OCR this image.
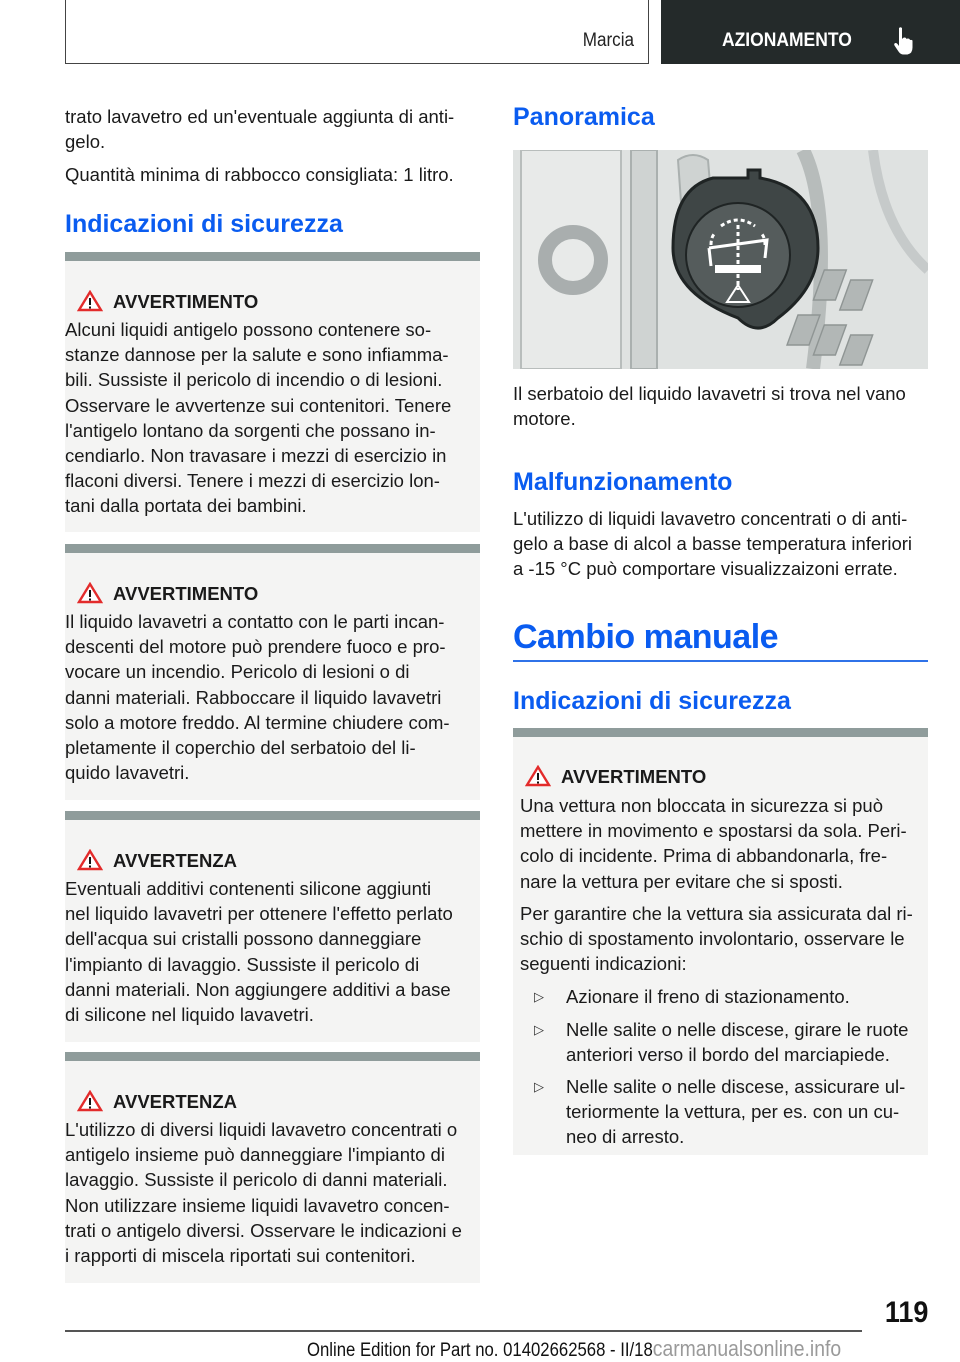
Marcia	AZIONAMENTO
trato lavavetro ed un'eventuale aggiunta di anti-
gelo.
Quantità minima di rabbocco consigliata: 1 litro.
Indicazioni di sicurezza
AVVERTIMENTO
Alcuni liquidi antigelo possono contenere so-
stanze dannose per la salute e sono infiamma-
bili. Sussiste il pericolo di incendio o di lesioni.
Osservare le avvertenze sui contenitori. Tenere
l'antigelo lontano da sorgenti che possano in-
cendiarlo. Non travasare i mezzi di esercizio in
flaconi diversi. Tenere i mezzi di esercizio lon-
tani dalla portata dei bambini.
AVVERTIMENTO
Il liquido lavavetri a contatto con le parti incan-
descenti del motore può prendere fuoco e pro-
vocare un incendio. Pericolo di lesioni o di
danni materiali. Rabboccare il liquido lavavetri
solo a motore freddo. Al termine chiudere com-
pletamente il coperchio del serbatoio del li-
quido lavavetri.
AVVERTENZA
Eventuali additivi contenenti silicone aggiunti
nel liquido lavavetri per ottenere l'effetto perlato
dell'acqua sui cristalli possono danneggiare
l'impianto di lavaggio. Sussiste il pericolo di
danni materiali. Non aggiungere additivi a base
di silicone nel liquido lavavetri.
AVVERTENZA
L'utilizzo di diversi liquidi lavavetro concentrati o
antigelo insieme può danneggiare l'impianto di
lavaggio. Sussiste il pericolo di danni materiali.
Non utilizzare insieme liquidi lavavetro concen-
trati o antigelo diversi. Osservare le indicazioni e
i rapporti di miscela riportati sui contenitori.
Panoramica
Il serbatoio del liquido lavavetri si trova nel vano
motore.
Malfunzionamento
L'utilizzo di liquidi lavavetro concentrati o di anti-
gelo a base di alcol a basse temperatura inferiori
a -15 °C può comportare visualizzaizoni errate.
Cambio manuale
Indicazioni di sicurezza
AVVERTIMENTO
Una vettura non bloccata in sicurezza si può
mettere in movimento e spostarsi da sola. Peri-
colo di incidente. Prima di abbandonarla, fre-
nare la vettura per evitare che si sposti.
Per garantire che la vettura sia assicurata dal ri-
schio di spostamento involontario, osservare le
seguenti indicazioni:
▷ Azionare il freno di stazionamento.
▷ Nelle salite o nelle discese, girare le ruote
anteriori verso il bordo del marciapiede.
▷ Nelle salite o nelle discese, assicurare ul-
teriormente la vettura, per es. con un cu-
neo di arresto.
119
Online Edition for Part no. 01402662568 - II/18carmanualsonline.info
